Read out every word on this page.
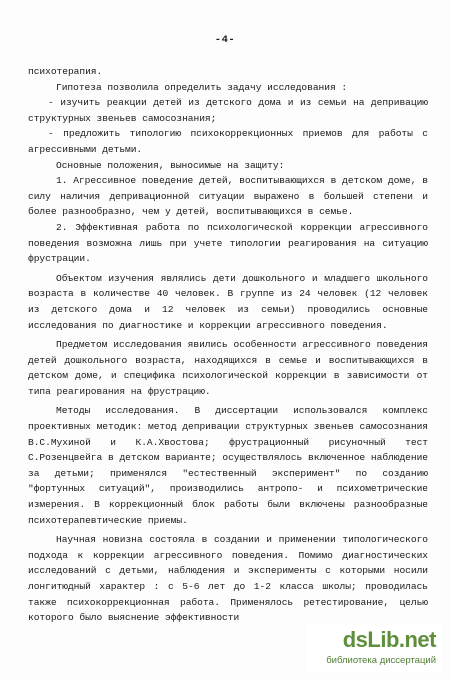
-4-

психотерапия.

Гипотеза позволила определить задачу исследования :

- изучить реакции детей из детского дома и из семьи на депривацию структурных звеньев самосознания;

- предложить типологию психокоррекционных приемов для работы с агрессивными детьми.

Основные положения, выносимые на защиту:

1. Агрессивное поведение детей, воспитывающихся в детском доме, в силу наличия депривационной ситуации выражено в большей степени и более разнообразно, чем у детей, воспитывающихся в семье.

2. Эффективная работа по психологической коррекции агрессивного поведения возможна лишь при учете типологии реагирования на ситуацию фрустрации.

Объектом изучения являлись дети дошкольного и младшего школьного возраста в количестве 40 человек. В группе из 24 человек (12 человек из детского дома и 12 человек из семьи) проводились основные исследования по диагностике и коррекции агрессивного поведения.

Предметом исследования явились особенности агрессивного поведения детей дошкольного возраста, находящихся в семье и воспитывающихся в детском доме, и специфика психологической коррекции в зависимости от типа реагирования на фрустрацию.

Методы исследования. В диссертации использовался комплекс проективных методик: метод депривации структурных звеньев самосознания В.С.Мухиной и К.А.Хвостова; фрустрационный рисуночный тест С.Розенцвейга в детском варианте; осуществлялось включенное наблюдение за детьми; применялся "естественный эксперимент" по созданию "фортунных ситуаций", производились антропо- и психометрические измерения. В коррекционный блок работы были включены разнообразные психотерапевтические приемы.

Научная новизна состояла в создании и применении типологического подхода к коррекции агрессивного поведения. Помимо диагностических исследований с детьми, наблюдения и эксперименты с которыми носили лонгитюдный характер : с 5-6 лет до 1-2 класса школы; проводилась также психокоррекционная работа. Применялось ретестирование, целью которого было выяснение эффективности

dsLib.net
библиотека диссертаций
